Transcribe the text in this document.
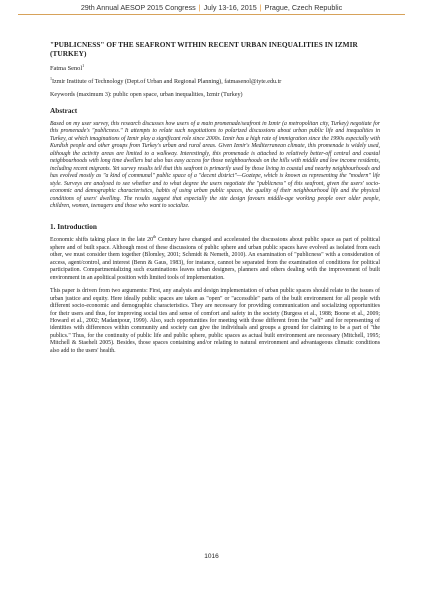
29th Annual AESOP 2015 Congress | July 13-16, 2015 | Prague, Czech Republic
"PUBLICNESS" OF THE SEAFRONT WITHIN RECENT URBAN INEQUALITIES IN IZMIR (TURKEY)
Fatma Senol$^1$
$^1$Izmir Institute of Technology (Dept.of Urban and Regional Planning), fatmasenol@iyte.edu.tr
Keywords (maximum 3): public open space, urban inequalities, Izmir (Turkey)
Abstract

Based on my user survey, this research discusses how users of a main promenade/seafront in Izmir (a metropolitan city, Turkey) negotiate for this promenade's "publicness." It attempts to relate such negotiations to polarized discussions about urban public life and inequalities in Turkey, at which imaginations of Izmir play a significant role since 2000s. Izmir has a high rate of immigration since the 1990s especially with Kurdish people and other groups from Turkey's urban and rural areas. Given Izmir's Mediterranean climate, this promenade is widely used, although the activity areas are limited to a walkway. Interestingly, this promenade is attached to relatively better-off central and coastal neighbourhoods with long time dwellers but also has easy access for those neighbourhoods on the hills with middle and low income residents, including recent migrants. Yet survey results tell that this seafront is primarily used by those living in coastal and nearby neighbourhoods and has evolved mostly as "a kind of communal" public space of a "decent district"—Goztepe, which is known as representing the "modern" life style. Surveys are analysed to see whether and to what degree the users negotiate the "publicness" of this seafront, given the users' socio-economic and demographic characteristics, habits of using urban public spaces, the quality of their neighbourhood life and the physical conditions of users' dwelling. The results suggest that especially the site design favours middle-age working people over older people, children, women, teenagers and those who want to socialize.

1. Introduction

Economic shifts taking place in the late 20th Century have changed and accelerated the discussions about public space as part of political sphere and of built space. Although most of these discussions of public sphere and urban public spaces have evolved as isolated from each other, we must consider them together (Blomley, 2001; Schmidt & Nemeth, 2010). An examination of "publicness" with a consideration of access, agent/control, and interest (Benn & Gaus, 1983), for instance, cannot be separated from the examination of conditions for political participation. Compartmentalizing such examinations leaves urban designers, planners and others dealing with the improvement of built environment in an apolitical position with limited tools of implementation.

This paper is driven from two arguments: First, any analysis and design implementation of urban public spaces should relate to the issues of urban justice and equity. Here ideally public spaces are taken as "open" or "accessible" parts of the built environment for all people with different socio-economic and demographic characteristics. They are necessary for providing communication and socializing opportunities for their users and thus, for improving social ties and sense of comfort and safety in the society (Burgess et al., 1988; Boone et al., 2009; Howard et al., 2002; Madanipour, 1999). Also, such opportunities for meeting with those different from the "self" and for representing of identities with differences within community and society can give the individuals and groups a ground for claiming to be a part of "the publics." Thus, for the continuity of public life and public sphere, public spaces as actual built environment are necessary (Mitchell, 1995; Mitchell & Staeheli 2005). Besides, those spaces containing and/or relating to natural environment and advantageous climatic conditions also add to the users' health.

1016
